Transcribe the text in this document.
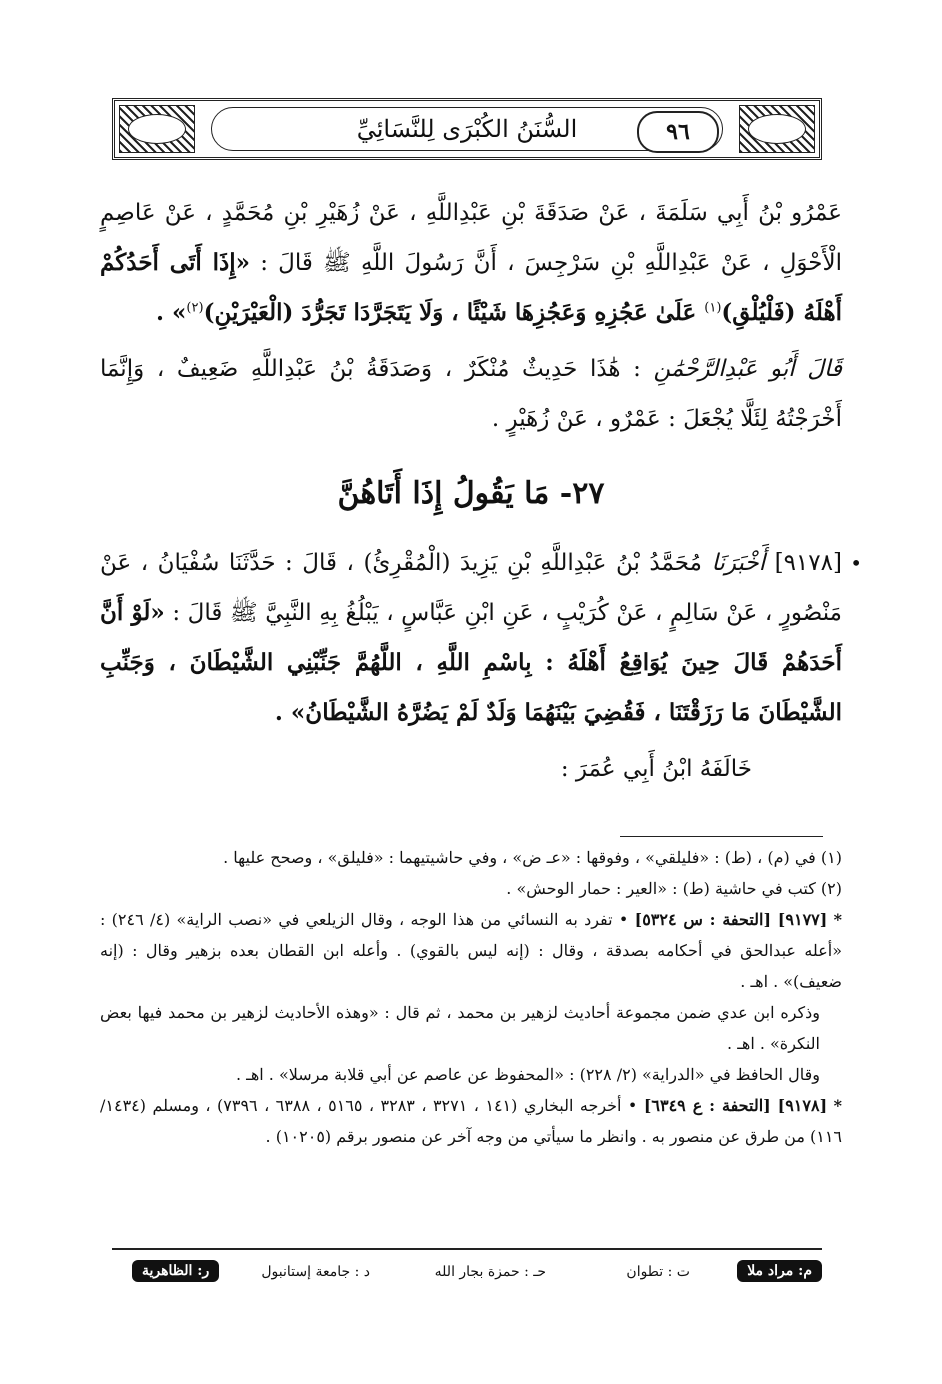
السُّنَنُ الكُبْرَى لِلنَّسَائِيِّ	٩٦

عَمْرُو بْنُ أَبِي سَلَمَةَ ، عَنْ صَدَقَةَ بْنِ عَبْدِاللَّهِ ، عَنْ زُهَيْرِ بْنِ مُحَمَّدٍ ، عَنْ عَاصِمٍ الْأَحْوَلِ ، عَنْ عَبْدِاللَّهِ بْنِ سَرْجِسَ ، أَنَّ رَسُولَ اللَّهِ ﷺ قَالَ : «إِذَا أَتَى أَحَدُكُمْ أَهْلَهُ (فَلْيُلْقِ)$^{(١)}$ عَلَىٰ عَجُزِهِ وَعَجُزِهَا شَيْئًا ، وَلَا يَتَجَرَّدَا تَجَرُّدَ (الْعَيْرَيْنِ)$^{(٢)}$» .

قَالَ أَبُو عَبْدِالرَّحْمَٰنِ : هَٰذَا حَدِيثٌ مُنْكَرٌ ، وَصَدَقَةُ بْنُ عَبْدِاللَّهِ ضَعِيفٌ ، وَإِنَّمَا أَخْرَجْتُهُ لِئَلَّا يُجْعَلَ : عَمْرٌو ، عَنْ زُهَيْرٍ .

٢٧- مَا يَقُولُ إِذَا أَتَاهُنَّ

•
[٩١٧٨] أَخْبَرَنَا مُحَمَّدُ بْنُ عَبْدِاللَّهِ بْنِ يَزِيدَ (الْمُقْرِئُ) ، قَالَ : حَدَّثَنَا سُفْيَانُ ، عَنْ مَنْصُورٍ ، عَنْ سَالِمٍ ، عَنْ كُرَيْبٍ ، عَنِ ابْنِ عَبَّاسٍ ، يَبْلُغُ بِهِ النَّبِيَّ ﷺ قَالَ : «لَوْ أَنَّ أَحَدَهُمْ قَالَ حِينَ يُوَاقِعُ أَهْلَهُ : بِاسْمِ اللَّهِ ، اللَّهُمَّ جَنِّبْنِي الشَّيْطَانَ ، وَجَنِّبِ الشَّيْطَانَ مَا رَزَقْتَنَا ، فَقُضِيَ بَيْنَهُمَا وَلَدٌ لَمْ يَضُرَّهُ الشَّيْطَانُ» .

خَالَفَهُ ابْنُ أَبِي عُمَرَ :

(١) في (م) ، (ط) : «فليلقي» ، وفوقها : «عـ ض» ، وفي حاشيتيهما : «فليلق» ، وصحح عليها .

(٢) كتب في حاشية (ط) : «العير : حمار الوحش» .

* [٩١٧٧] [التحفة : س ٥٣٢٤] • تفرد به النسائي من هذا الوجه ، وقال الزيلعي في «نصب الراية» (٤/ ٢٤٦) : «أعله عبدالحق في أحكامه بصدقة ، وقال : (إنه ليس بالقوي) . وأعله ابن القطان بعده بزهير وقال : (إنه ضعيف)» . اهـ .

وذكره ابن عدي ضمن مجموعة أحاديث لزهير بن محمد ، ثم قال : «وهذه الأحاديث لزهير بن محمد فيها بعض النكرة» . اهـ .

وقال الحافظ في «الدراية» (٢/ ٢٢٨) : «المحفوظ عن عاصم عن أبي قلابة مرسلا» . اهـ .

* [٩١٧٨] [التحفة : ع ٦٣٤٩] • أخرجه البخاري (١٤١ ، ٣٢٧١ ، ٣٢٨٣ ، ٥١٦٥ ، ٦٣٨٨ ، ٧٣٩٦) ، ومسلم (١٤٣٤/ ١١٦) من طرق عن منصور به . وانظر ما سيأتي من وجه آخر عن منصور برقم (١٠٢٠٥) .

م: مراد ملا
ت : تطوان
حـ : حمزة بجار الله
د : جامعة إستانبول
ر: الظاهرية
